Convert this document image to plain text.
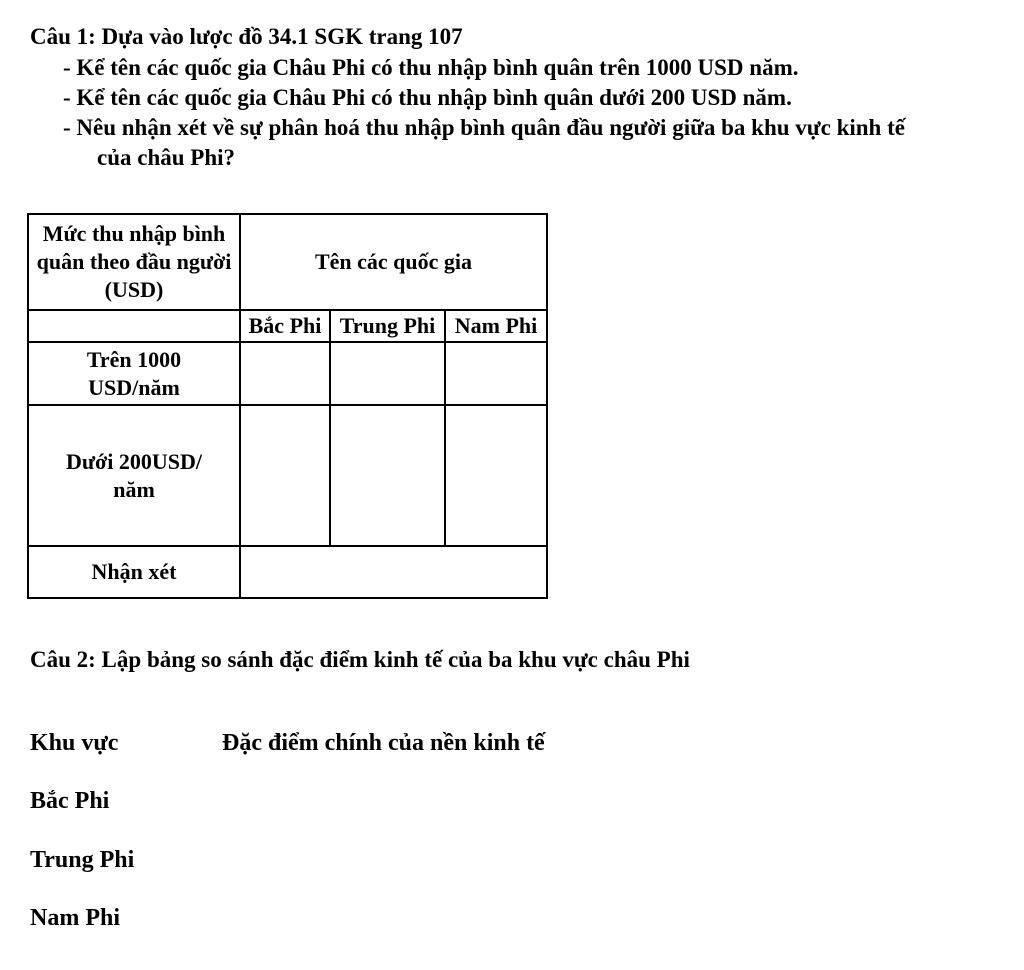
Câu 1: Dựa vào lược đồ 34.1 SGK trang 107
- Kể tên các quốc gia Châu Phi có thu nhập bình quân trên 1000 USD năm.
- Kể tên các quốc gia Châu Phi có thu nhập bình quân dưới 200 USD năm.
- Nêu nhận xét về sự phân hoá thu nhập bình quân đầu người giữa ba khu vực kinh tế
của châu Phi?
Mức thu nhập bình quân theo đầu người (USD)	Tên các quốc gia		
	Bắc Phi	Trung Phi	Nam Phi
Trên 1000 USD/năm			
Dưới 200USD/ năm			
Nhận xét			
Câu 2: Lập bảng so sánh đặc điểm kinh tế của ba khu vực châu Phi
Khu vực	Đặc điểm chính của nền kinh tế
Bắc Phi
Trung Phi
Nam Phi
